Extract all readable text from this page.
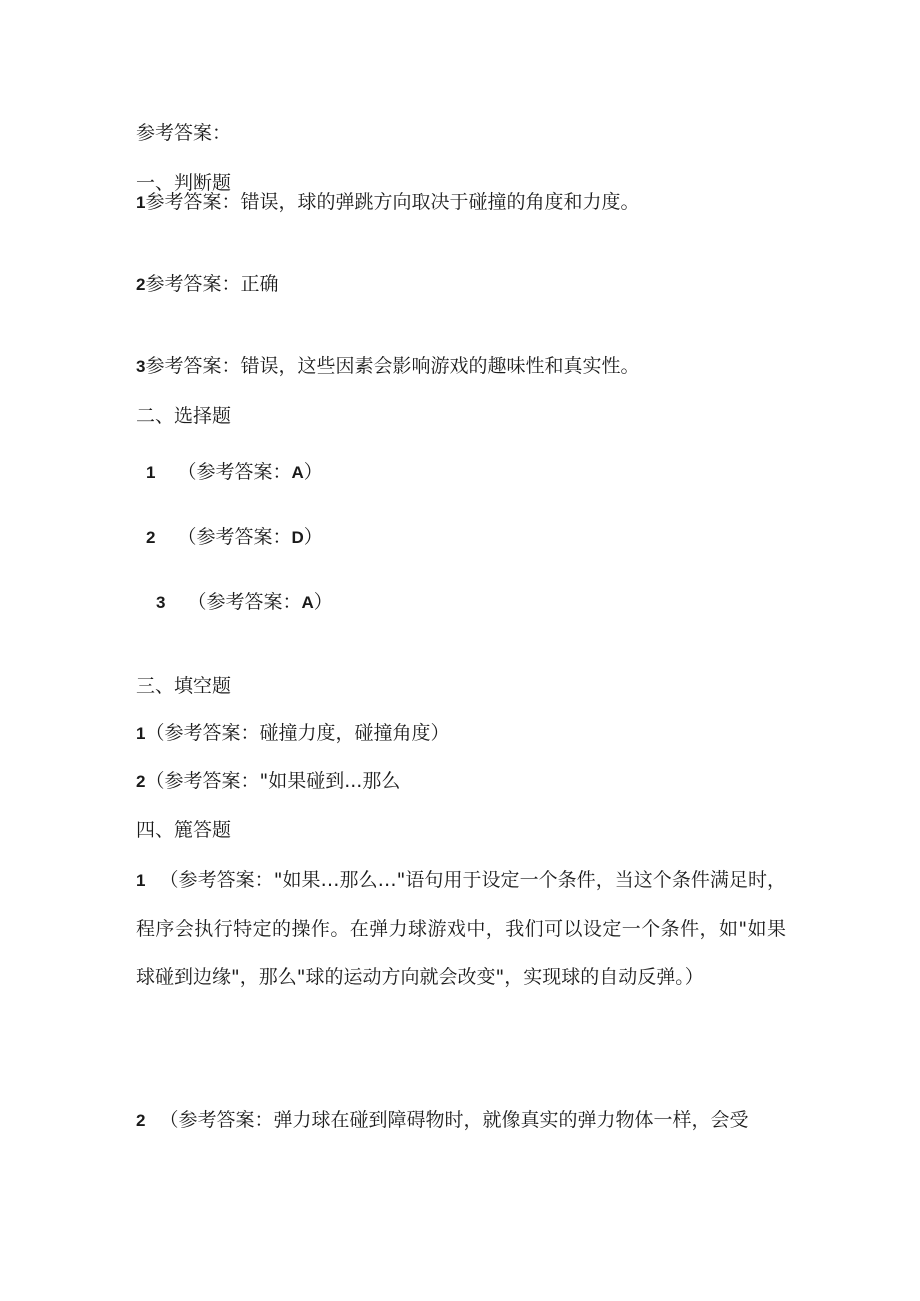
参考答案：
一、判断题
1参考答案：错误，球的弹跳方向取决于碰撞的角度和力度。
2参考答案：正确
3参考答案：错误，这些因素会影响游戏的趣味性和真实性。
二、选择题
1 （参考答案：A）
2 （参考答案：D）
3 （参考答案：A）
三、填空题
1（参考答案：碰撞力度，碰撞角度）
2（参考答案："如果碰到...那么
四、簏答题
1 （参考答案："如果…那么…"语句用于设定一个条件，当这个条件满足时，程序会执行特定的操作。在弹力球游戏中，我们可以设定一个条件，如"如果球碰到边缘"，那么"球的运动方向就会改变"，实现球的自动反弹。）
2 （参考答案：弹力球在碰到障碍物时，就像真实的弹力物体一样，会受
